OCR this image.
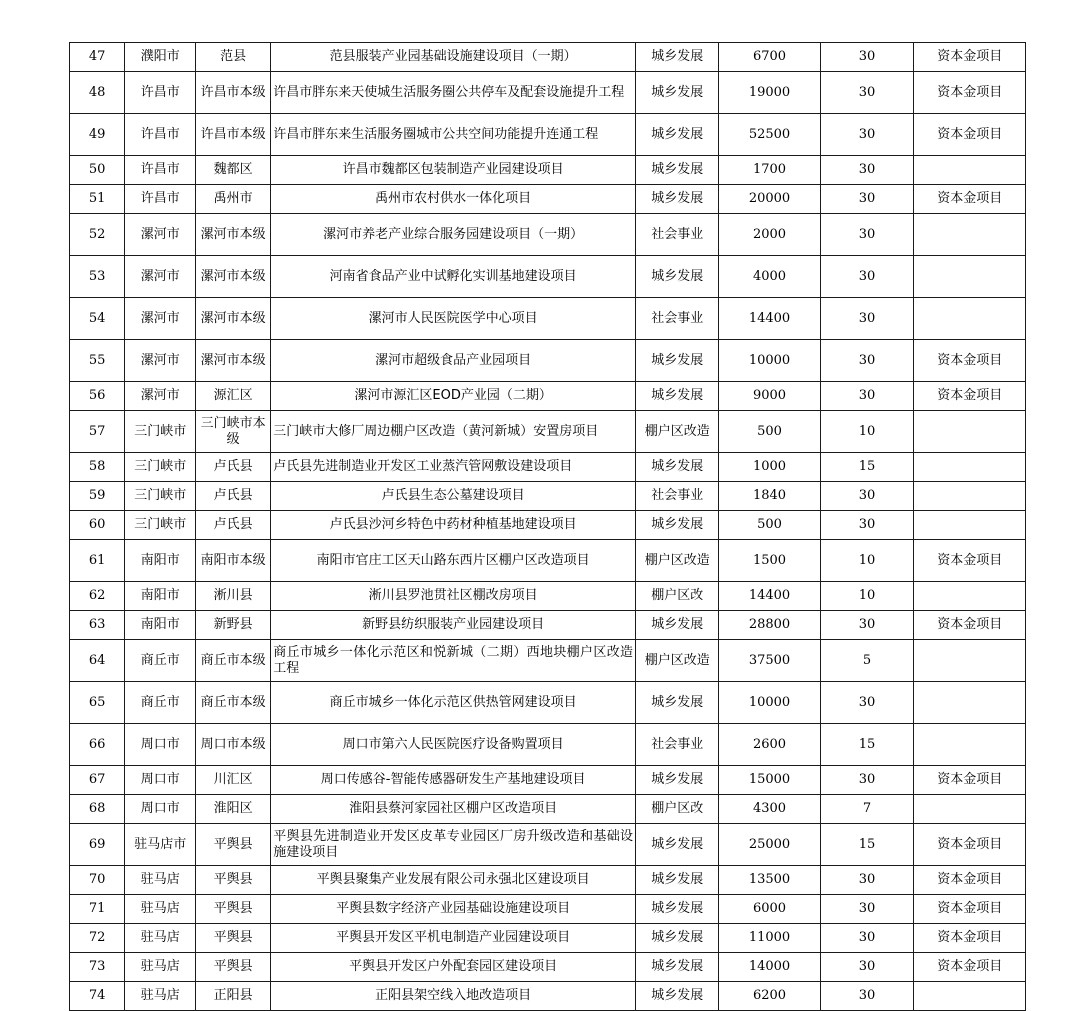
47	濮阳市	范县	范县服装产业园基础设施建设项目（一期）	城乡发展	6700	30	资本金项目
48	许昌市	许昌市本级	许昌市胖东来天使城生活服务圈公共停车及配套设施提升工程	城乡发展	19000	30	资本金项目
49	许昌市	许昌市本级	许昌市胖东来生活服务圈城市公共空间功能提升连通工程	城乡发展	52500	30	资本金项目
50	许昌市	魏都区	许昌市魏都区包装制造产业园建设项目	城乡发展	1700	30	
51	许昌市	禹州市	禹州市农村供水一体化项目	城乡发展	20000	30	资本金项目
52	漯河市	漯河市本级	漯河市养老产业综合服务园建设项目（一期）	社会事业	2000	30	
53	漯河市	漯河市本级	河南省食品产业中试孵化实训基地建设项目	城乡发展	4000	30	
54	漯河市	漯河市本级	漯河市人民医院医学中心项目	社会事业	14400	30	
55	漯河市	漯河市本级	漯河市超级食品产业园项目	城乡发展	10000	30	资本金项目
56	漯河市	源汇区	漯河市源汇区EOD产业园（二期）	城乡发展	9000	30	资本金项目
57	三门峡市	三门峡市本级	三门峡市大修厂周边棚户区改造（黄河新城）安置房项目	棚户区改造	500	10	
58	三门峡市	卢氏县	卢氏县先进制造业开发区工业蒸汽管网敷设建设项目	城乡发展	1000	15	
59	三门峡市	卢氏县	卢氏县生态公墓建设项目	社会事业	1840	30	
60	三门峡市	卢氏县	卢氏县沙河乡特色中药材种植基地建设项目	城乡发展	500	30	
61	南阳市	南阳市本级	南阳市官庄工区天山路东西片区棚户区改造项目	棚户区改造	1500	10	资本金项目
62	南阳市	淅川县	淅川县罗池贯社区棚改房项目	棚户区改	14400	10	
63	南阳市	新野县	新野县纺织服装产业园建设项目	城乡发展	28800	30	资本金项目
64	商丘市	商丘市本级	商丘市城乡一体化示范区和悦新城（二期）西地块棚户区改造工程	棚户区改造	37500	5	
65	商丘市	商丘市本级	商丘市城乡一体化示范区供热管网建设项目	城乡发展	10000	30	
66	周口市	周口市本级	周口市第六人民医院医疗设备购置项目	社会事业	2600	15	
67	周口市	川汇区	周口传感谷-智能传感器研发生产基地建设项目	城乡发展	15000	30	资本金项目
68	周口市	淮阳区	淮阳县蔡河家园社区棚户区改造项目	棚户区改	4300	7	
69	驻马店市	平舆县	平舆县先进制造业开发区皮革专业园区厂房升级改造和基础设施建设项目	城乡发展	25000	15	资本金项目
70	驻马店	平舆县	平舆县聚集产业发展有限公司永强北区建设项目	城乡发展	13500	30	资本金项目
71	驻马店	平舆县	平舆县数字经济产业园基础设施建设项目	城乡发展	6000	30	资本金项目
72	驻马店	平舆县	平舆县开发区平机电制造产业园建设项目	城乡发展	11000	30	资本金项目
73	驻马店	平舆县	平舆县开发区户外配套园区建设项目	城乡发展	14000	30	资本金项目
74	驻马店	正阳县	正阳县架空线入地改造项目	城乡发展	6200	30	
